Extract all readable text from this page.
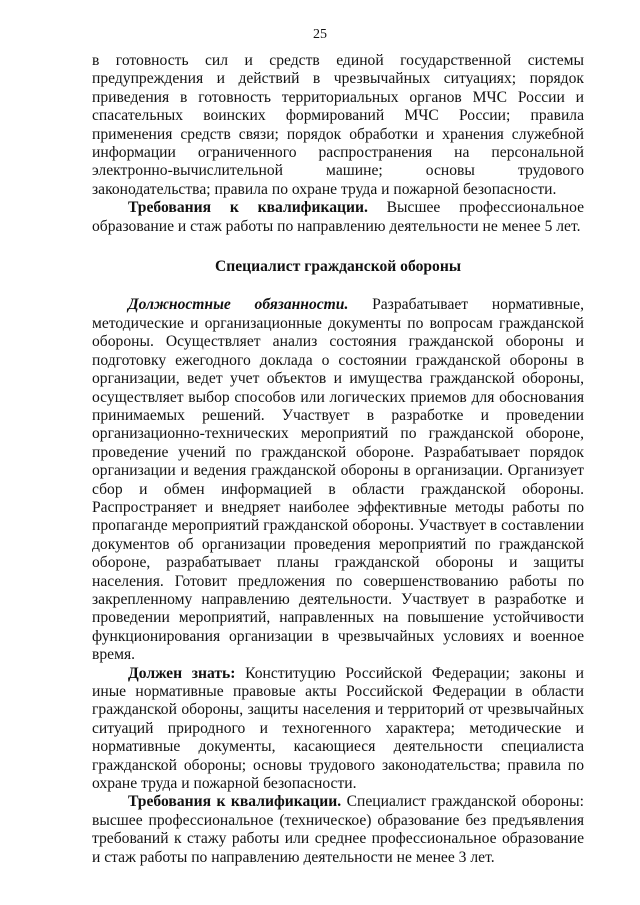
25

в готовность сил и средств единой государственной системы предупреждения и действий в чрезвычайных ситуациях; порядок приведения в готовность территориальных органов МЧС России и спасательных воинских формирований МЧС России; правила применения средств связи; порядок обработки и хранения служебной информации ограниченного распространения на персональной электронно-вычислительной машине; основы трудового законодательства; правила по охране труда и пожарной безопасности.

Требования к квалификации. Высшее профессиональное образование и стаж работы по направлению деятельности не менее 5 лет.

Специалист гражданской обороны

Должностные обязанности. Разрабатывает нормативные, методические и организационные документы по вопросам гражданской обороны. Осуществляет анализ состояния гражданской обороны и подготовку ежегодного доклада о состоянии гражданской обороны в организации, ведет учет объектов и имущества гражданской обороны, осуществляет выбор способов или логических приемов для обоснования принимаемых решений. Участвует в разработке и проведении организационно-технических мероприятий по гражданской обороне, проведение учений по гражданской обороне. Разрабатывает порядок организации и ведения гражданской обороны в организации. Организует сбор и обмен информацией в области гражданской обороны. Распространяет и внедряет наиболее эффективные методы работы по пропаганде мероприятий гражданской обороны. Участвует в составлении документов об организации проведения мероприятий по гражданской обороне, разрабатывает планы гражданской обороны и защиты населения. Готовит предложения по совершенствованию работы по закрепленному направлению деятельности. Участвует в разработке и проведении мероприятий, направленных на повышение устойчивости функционирования организации в чрезвычайных условиях и военное время.

Должен знать: Конституцию Российской Федерации; законы и иные нормативные правовые акты Российской Федерации в области гражданской обороны, защиты населения и территорий от чрезвычайных ситуаций природного и техногенного характера; методические и нормативные документы, касающиеся деятельности специалиста гражданской обороны; основы трудового законодательства; правила по охране труда и пожарной безопасности.

Требования к квалификации. Специалист гражданской обороны: высшее профессиональное (техническое) образование без предъявления требований к стажу работы или среднее профессиональное образование и стаж работы по направлению деятельности не менее 3 лет.
